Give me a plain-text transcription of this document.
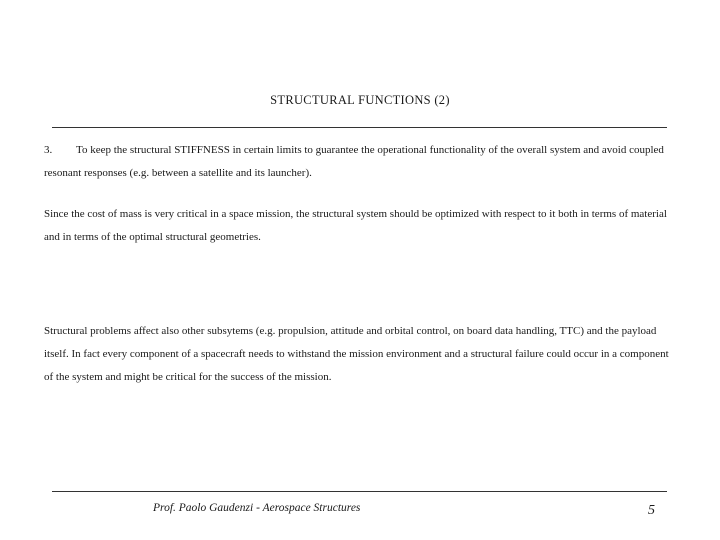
STRUCTURAL FUNCTIONS (2)
3. To keep the structural STIFFNESS in certain limits to guarantee the operational functionality of the overall system and avoid coupled resonant responses (e.g. between a satellite and its launcher).
Since the cost of mass is very critical in a space mission, the structural system should be optimized with respect to it both in terms of material and in terms of the optimal structural geometries.
Structural problems affect also other subsytems (e.g. propulsion, attitude and orbital control, on board data handling, TTC) and the payload itself. In fact every component of a spacecraft needs to withstand the mission environment and a structural failure could occur in a component of the system and might be critical for the success of the mission.
Prof. Paolo Gaudenzi - Aerospace Structures	5
